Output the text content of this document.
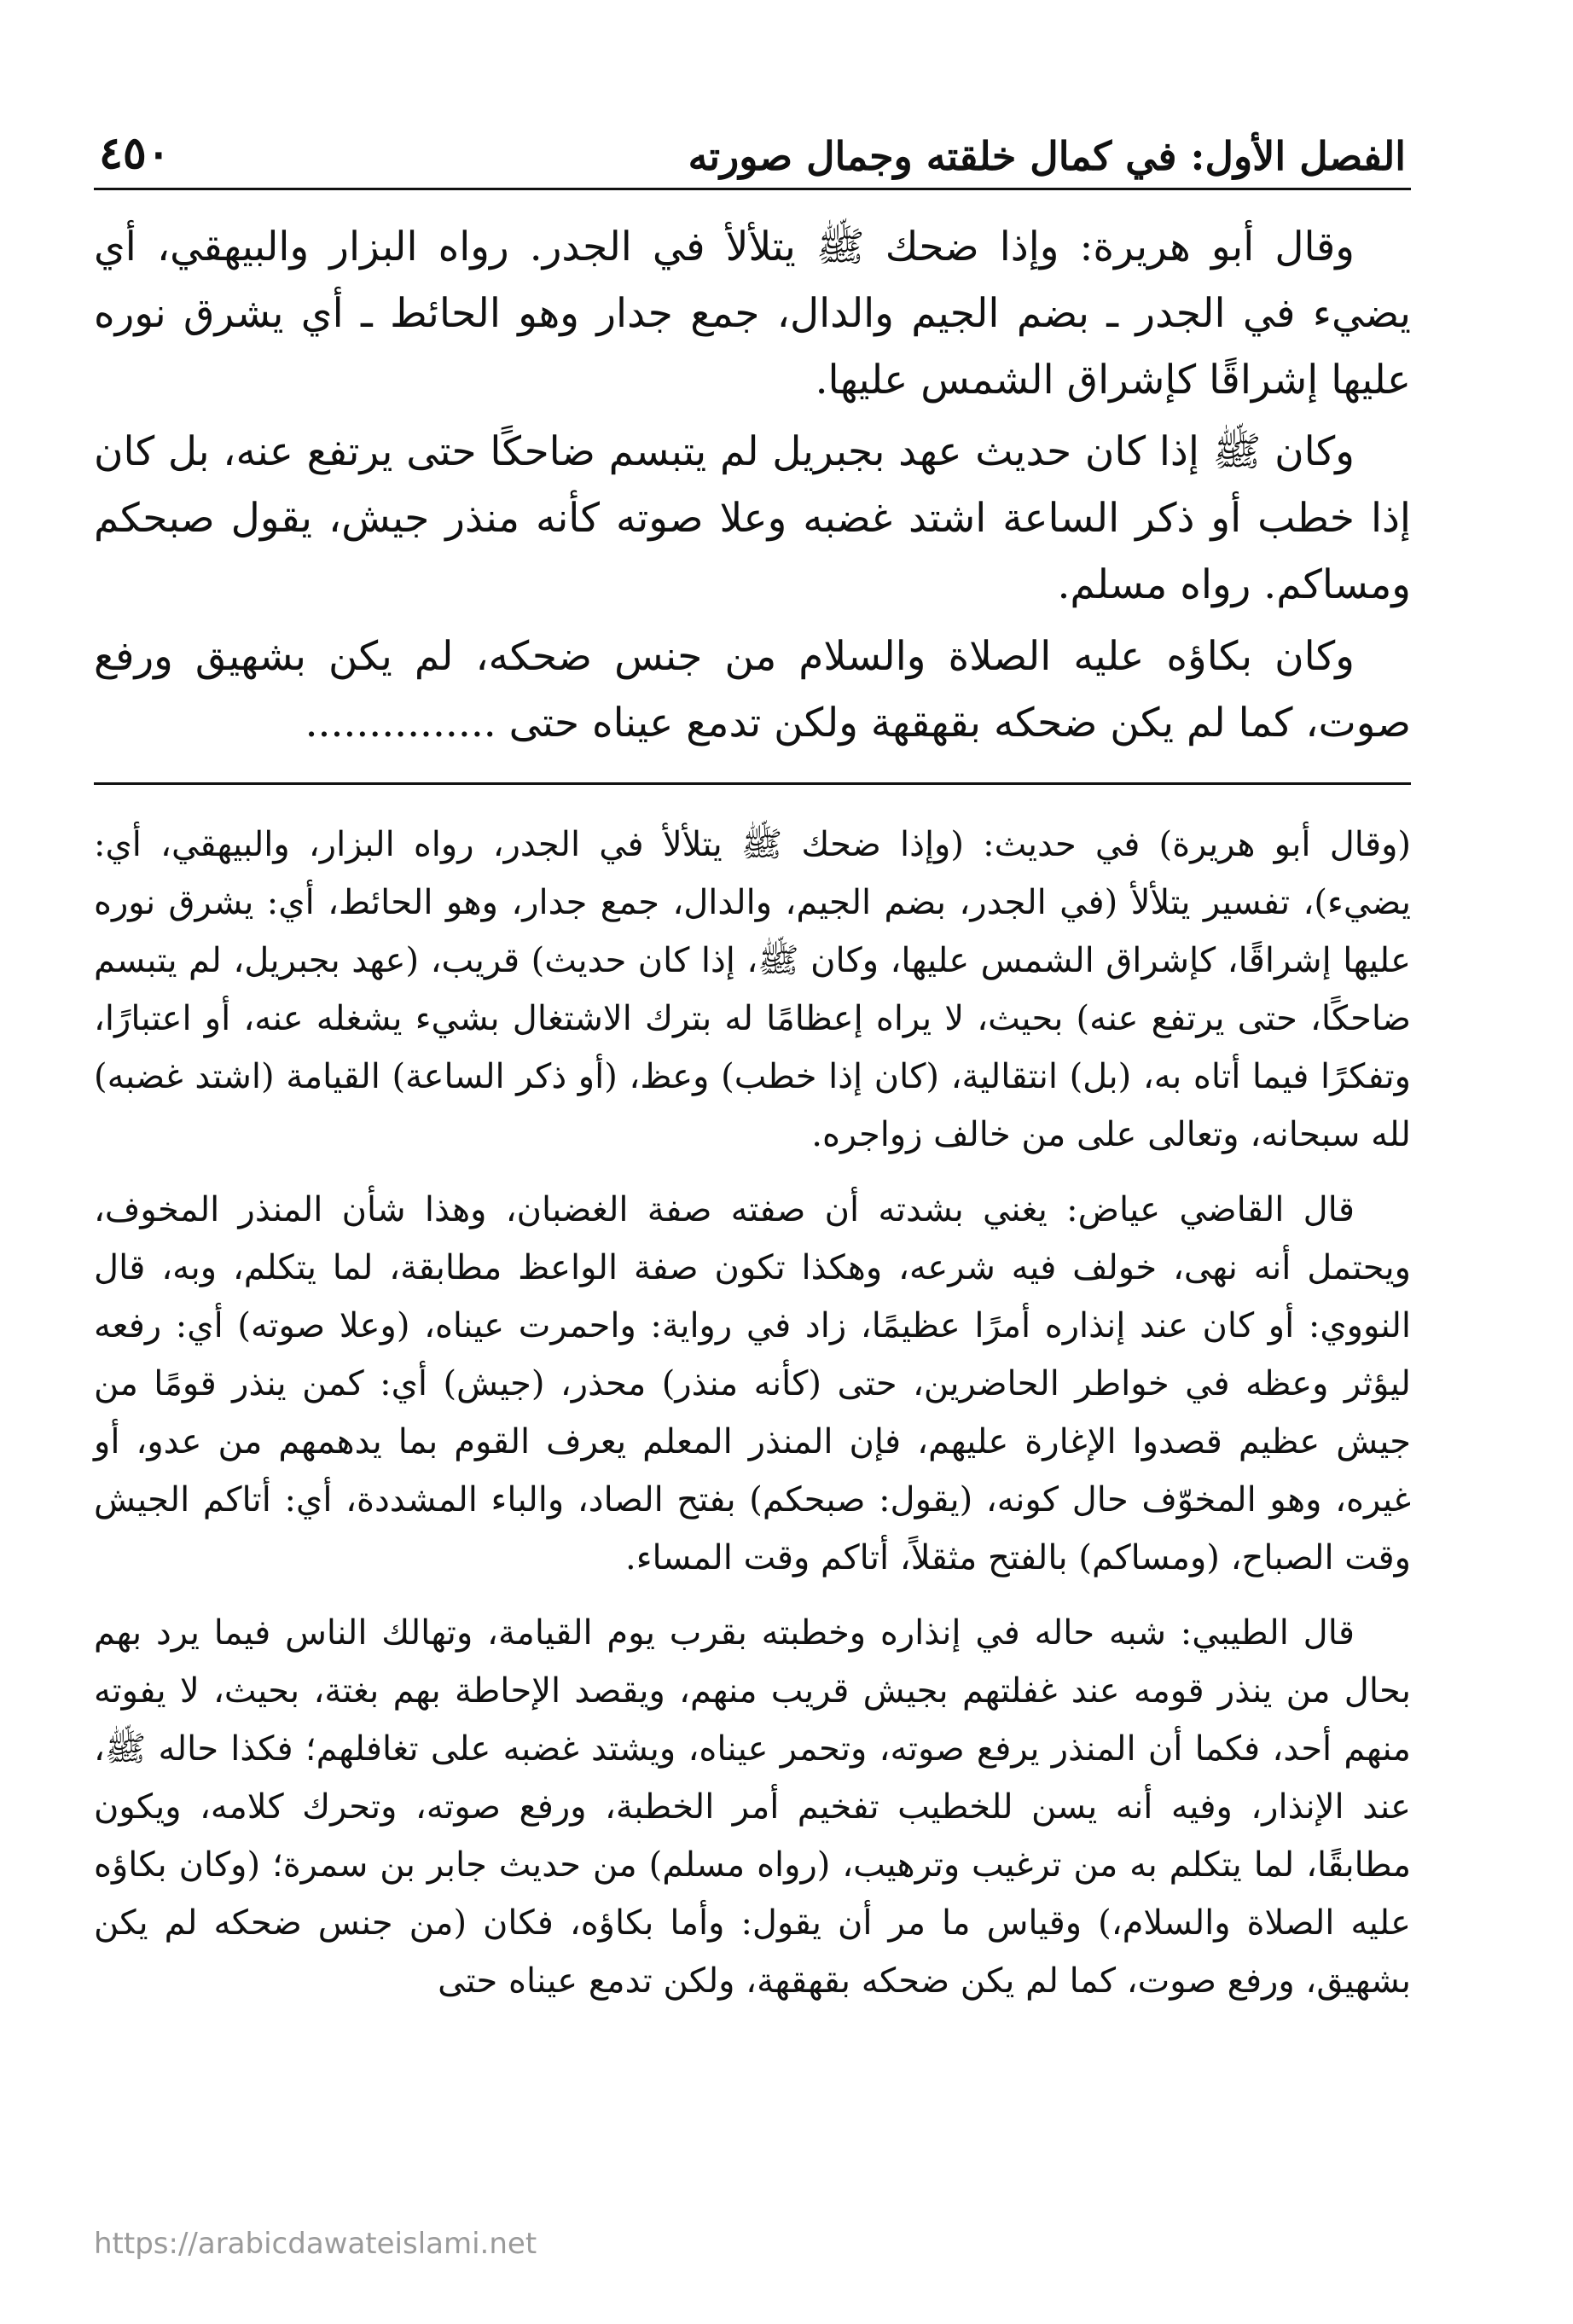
الفصل الأول: في كمال خلقته وجمال صورته
٤٥٠

وقال أبو هريرة: وإذا ضحك ﷺ يتلألأ في الجدر. رواه البزار والبيهقي، أي يضيء في الجدر ـ بضم الجيم والدال، جمع جدار وهو الحائط ـ أي يشرق نوره عليها إشراقًا كإشراق الشمس عليها.

وكان ﷺ إذا كان حديث عهد بجبريل لم يتبسم ضاحكًا حتى يرتفع عنه، بل كان إذا خطب أو ذكر الساعة اشتد غضبه وعلا صوته كأنه منذر جيش، يقول صبحكم ومساكم. رواه مسلم.

وكان بكاؤه عليه الصلاة والسلام من جنس ضحكه، لم يكن بشهيق ورفع صوت، كما لم يكن ضحكه بقهقهة ولكن تدمع عيناه حتى ...............

(وقال أبو هريرة) في حديث: (وإذا ضحك ﷺ يتلألأ في الجدر، رواه البزار، والبيهقي، أي: يضيء)، تفسير يتلألأ (في الجدر، بضم الجيم، والدال، جمع جدار، وهو الحائط، أي: يشرق نوره عليها إشراقًا، كإشراق الشمس عليها، وكان ﷺ، إذا كان حديث) قريب، (عهد بجبريل، لم يتبسم ضاحكًا، حتى يرتفع عنه) بحيث، لا يراه إعظامًا له بترك الاشتغال بشيء يشغله عنه، أو اعتبارًا، وتفكرًا فيما أتاه به، (بل) انتقالية، (كان إذا خطب) وعظ، (أو ذكر الساعة) القيامة (اشتد غضبه) لله سبحانه، وتعالى على من خالف زواجره.

قال القاضي عياض: يغني بشدته أن صفته صفة الغضبان، وهذا شأن المنذر المخوف، ويحتمل أنه نهى، خولف فيه شرعه، وهكذا تكون صفة الواعظ مطابقة، لما يتكلم، وبه، قال النووي: أو كان عند إنذاره أمرًا عظيمًا، زاد في رواية: واحمرت عيناه، (وعلا صوته) أي: رفعه ليؤثر وعظه في خواطر الحاضرين، حتى (كأنه منذر) محذر، (جيش) أي: كمن ينذر قومًا من جيش عظيم قصدوا الإغارة عليهم، فإن المنذر المعلم يعرف القوم بما يدهمهم من عدو، أو غيره، وهو المخوّف حال كونه، (يقول: صبحكم) بفتح الصاد، والباء المشددة، أي: أتاكم الجيش وقت الصباح، (ومساكم) بالفتح مثقلاً، أتاكم وقت المساء.

قال الطيبي: شبه حاله في إنذاره وخطبته بقرب يوم القيامة، وتهالك الناس فيما يرد بهم بحال من ينذر قومه عند غفلتهم بجيش قريب منهم، ويقصد الإحاطة بهم بغتة، بحيث، لا يفوته منهم أحد، فكما أن المنذر يرفع صوته، وتحمر عيناه، ويشتد غضبه على تغافلهم؛ فكذا حاله ﷺ، عند الإنذار، وفيه أنه يسن للخطيب تفخيم أمر الخطبة، ورفع صوته، وتحرك كلامه، ويكون مطابقًا، لما يتكلم به من ترغيب وترهيب، (رواه مسلم) من حديث جابر بن سمرة؛ (وكان بكاؤه عليه الصلاة والسلام،) وقياس ما مر أن يقول: وأما بكاؤه، فكان (من جنس ضحكه لم يكن بشهيق، ورفع صوت، كما لم يكن ضحكه بقهقهة، ولكن تدمع عيناه حتى

https://arabicdawateislami.net
